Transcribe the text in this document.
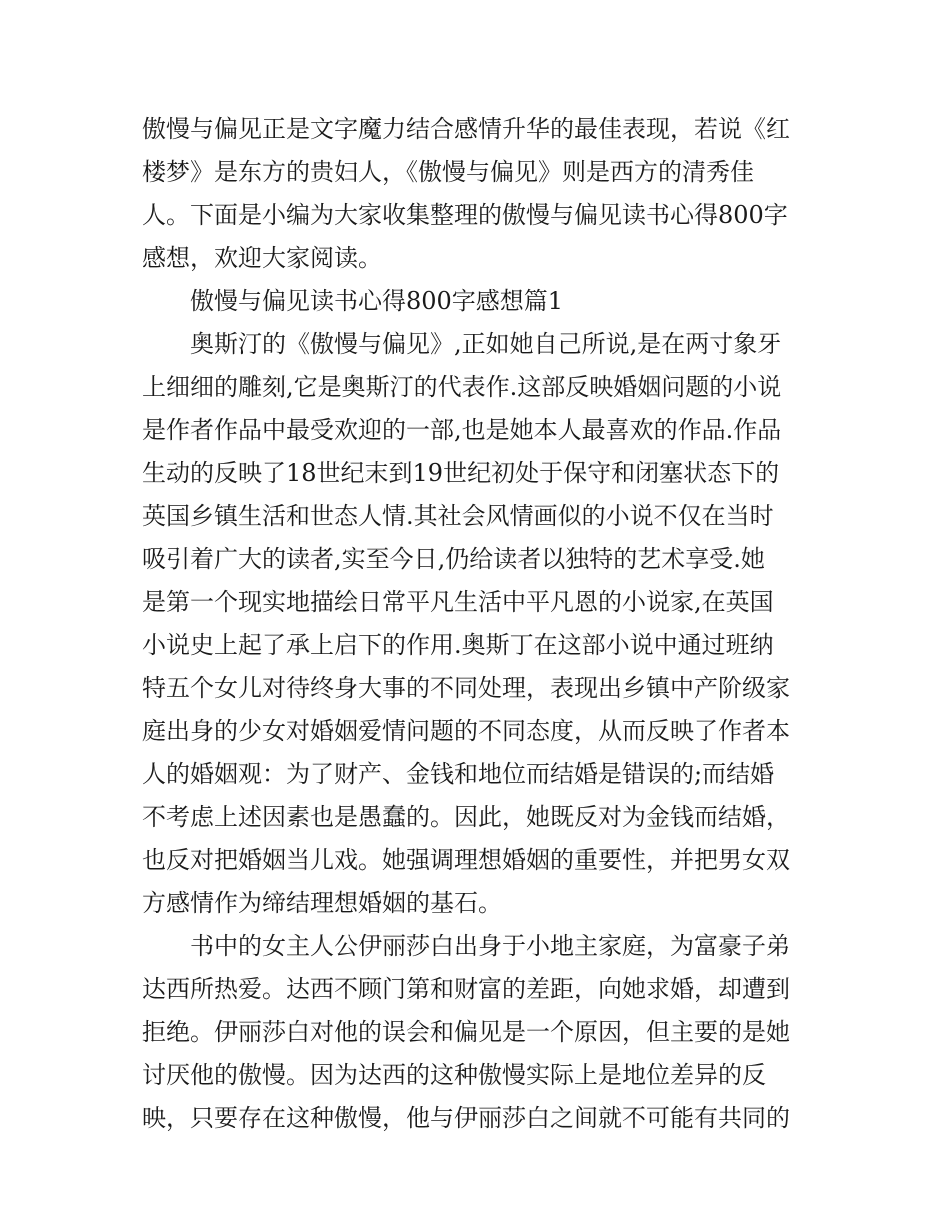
傲慢与偏见正是文字魔力结合感情升华的最佳表现，若说《红
楼梦》是东方的贵妇人，《傲慢与偏见》则是西方的清秀佳
人。下面是小编为大家收集整理的傲慢与偏见读书心得800字
感想，欢迎大家阅读。
傲慢与偏见读书心得800字感想篇1
奥斯汀的《傲慢与偏见》,正如她自己所说,是在两寸象牙
上细细的雕刻,它是奥斯汀的代表作.这部反映婚姻问题的小说
是作者作品中最受欢迎的一部,也是她本人最喜欢的作品.作品
生动的反映了18世纪末到19世纪初处于保守和闭塞状态下的
英国乡镇生活和世态人情.其社会风情画似的小说不仅在当时
吸引着广大的读者,实至今日,仍给读者以独特的艺术享受.她
是第一个现实地描绘日常平凡生活中平凡恩的小说家,在英国
小说史上起了承上启下的作用.奥斯丁在这部小说中通过班纳
特五个女儿对待终身大事的不同处理，表现出乡镇中产阶级家
庭出身的少女对婚姻爱情问题的不同态度，从而反映了作者本
人的婚姻观：为了财产、金钱和地位而结婚是错误的;而结婚
不考虑上述因素也是愚蠢的。因此，她既反对为金钱而结婚，
也反对把婚姻当儿戏。她强调理想婚姻的重要性，并把男女双
方感情作为缔结理想婚姻的基石。
书中的女主人公伊丽莎白出身于小地主家庭，为富豪子弟
达西所热爱。达西不顾门第和财富的差距，向她求婚，却遭到
拒绝。伊丽莎白对他的误会和偏见是一个原因，但主要的是她
讨厌他的傲慢。因为达西的这种傲慢实际上是地位差异的反
映，只要存在这种傲慢，他与伊丽莎白之间就不可能有共同的
